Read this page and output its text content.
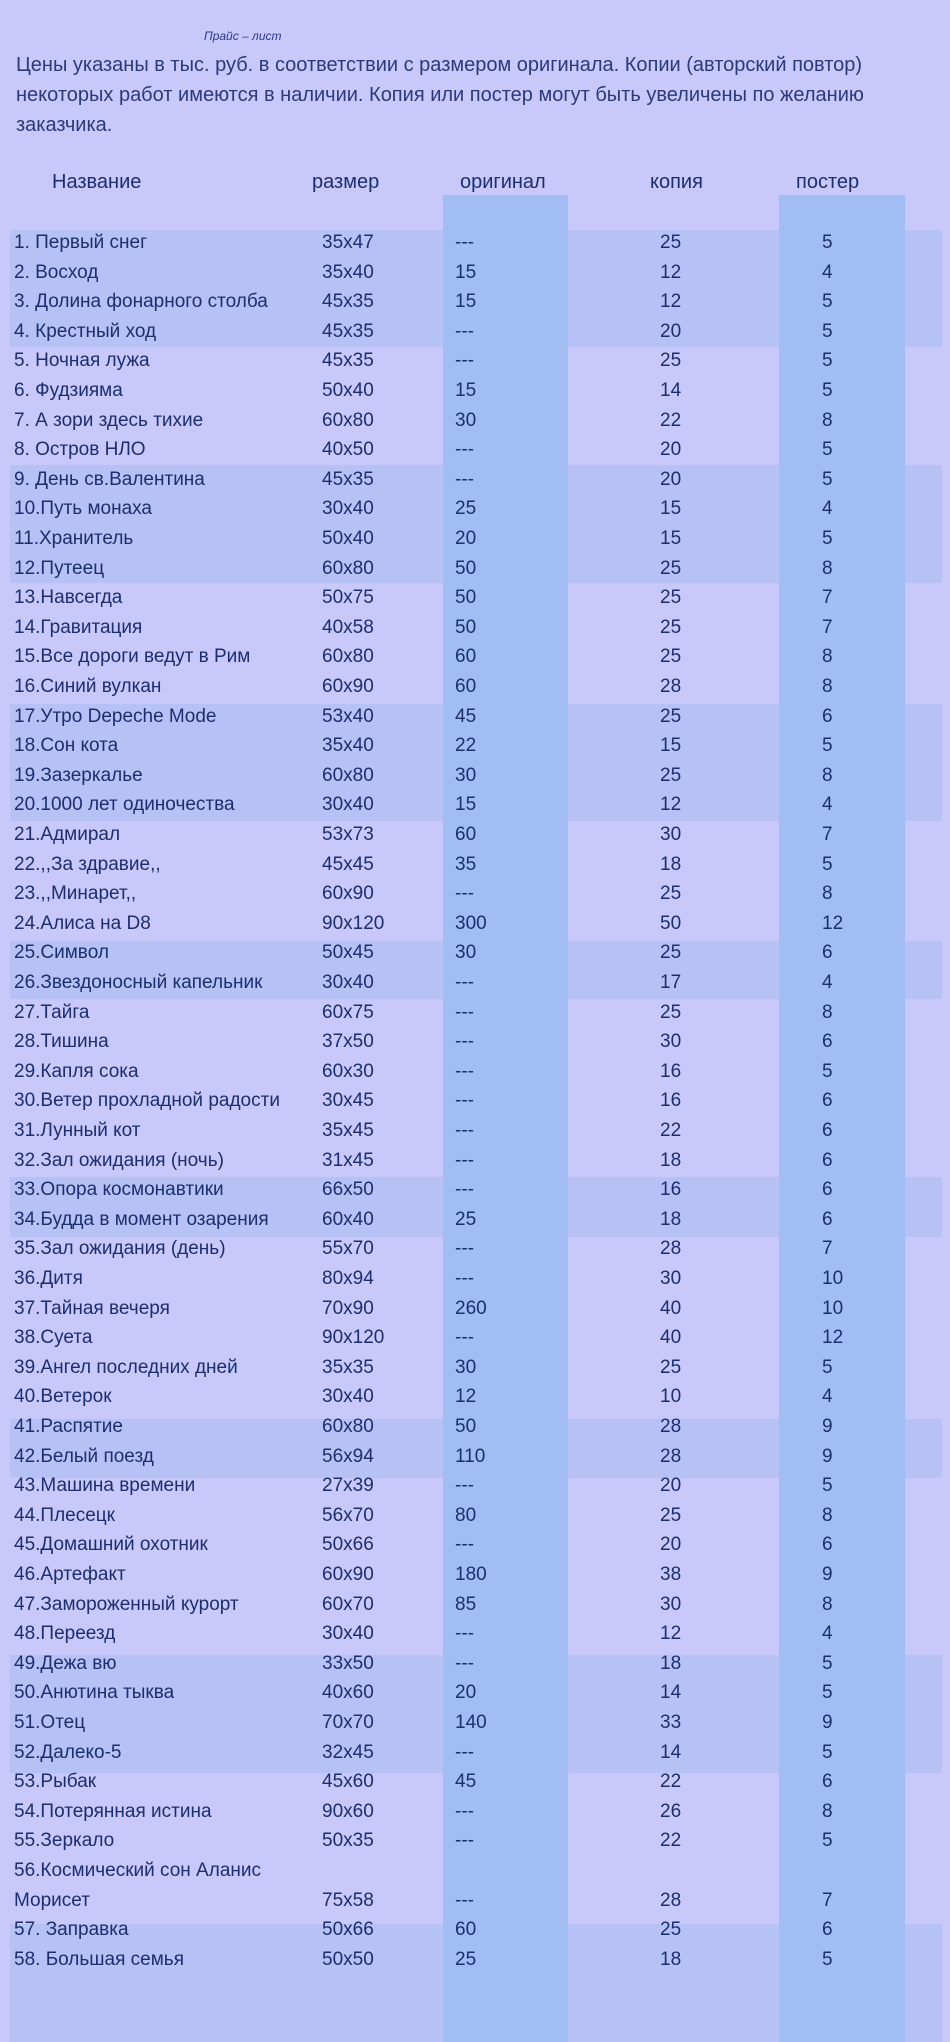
Прайс – лист
Цены указаны в тыс. руб. в соответствии с размером оригинала. Копии (авторский повтор) некоторых работ имеются в наличии. Копия или постер могут быть увеличены по желанию заказчика.
Название	размер	оригинал	копия	постер
1. Первый снег	35x47	---	25	5
2. Восход	35x40	15	12	4
3. Долина фонарного столба	45x35	15	12	5
4. Крестный ход	45x35	---	20	5
5. Ночная лужа	45x35	---	25	5
6. Фудзияма	50x40	15	14	5
7. А зори здесь тихие	60x80	30	22	8
8. Остров НЛО	40x50	---	20	5
9. День св.Валентина	45x35	---	20	5
10.Путь монаха	30x40	25	15	4
11.Хранитель	50x40	20	15	5
12.Путеец	60x80	50	25	8
13.Навсегда	50x75	50	25	7
14.Гравитация	40x58	50	25	7
15.Все дороги ведут в Рим	60x80	60	25	8
16.Синий вулкан	60x90	60	28	8
17.Утро Depeche Mode	53x40	45	25	6
18.Сон кота	35x40	22	15	5
19.Зазеркалье	60x80	30	25	8
20.1000 лет одиночества	30x40	15	12	4
21.Адмирал	53x73	60	30	7
22.,,За здравие,,	45x45	35	18	5
23.,,Минарет,,	60x90	---	25	8
24.Алиса на D8	90x120	300	50	12
25.Символ	50x45	30	25	6
26.Звездоносный капельник	30x40	---	17	4
27.Тайга	60x75	---	25	8
28.Тишина	37x50	---	30	6
29.Капля сока	60x30	---	16	5
30.Ветер прохладной радости 30x45	---	16	6
31.Лунный кот	35x45	---	22	6
32.Зал ожидания (ночь)	31x45	---	18	6
33.Опора космонавтики	66x50	---	16	6
34.Будда в момент озарения	60x40	25	18	6
35.Зал ожидания (день)	55x70	---	28	7
36.Дитя	80x94	---	30	10
37.Тайная вечеря	70x90	260	40	10
38.Суета	90x120	---	40	12
39.Ангел последних дней	35x35	30	25	5
40.Ветерок	30x40	12	10	4
41.Распятие	60x80	50	28	9
42.Белый поезд	56x94	110	28	9
43.Машина времени	27x39	---	20	5
44.Плесецк	56x70	80	25	8
45.Домашний охотник	50x66	---	20	6
46.Артефакт	60x90	180	38	9
47.Замороженный курорт	60x70	85	30	8
48.Переезд	30x40	---	12	4
49.Дежа вю	33x50	---	18	5
50.Анютина тыква	40x60	20	14	5
51.Отец	70x70	140	33	9
52.Далеко-5	32x45	---	14	5
53.Рыбак	45x60	45	22	6
54.Потерянная истина	90x60	---	26	8
55.Зеркало	50x35	---	22	5
56.Космический сон Аланис
Морисет	75x58	---	28	7
57. Заправка	50x66	60	25	6
58. Большая семья	50x50	25	18	5
